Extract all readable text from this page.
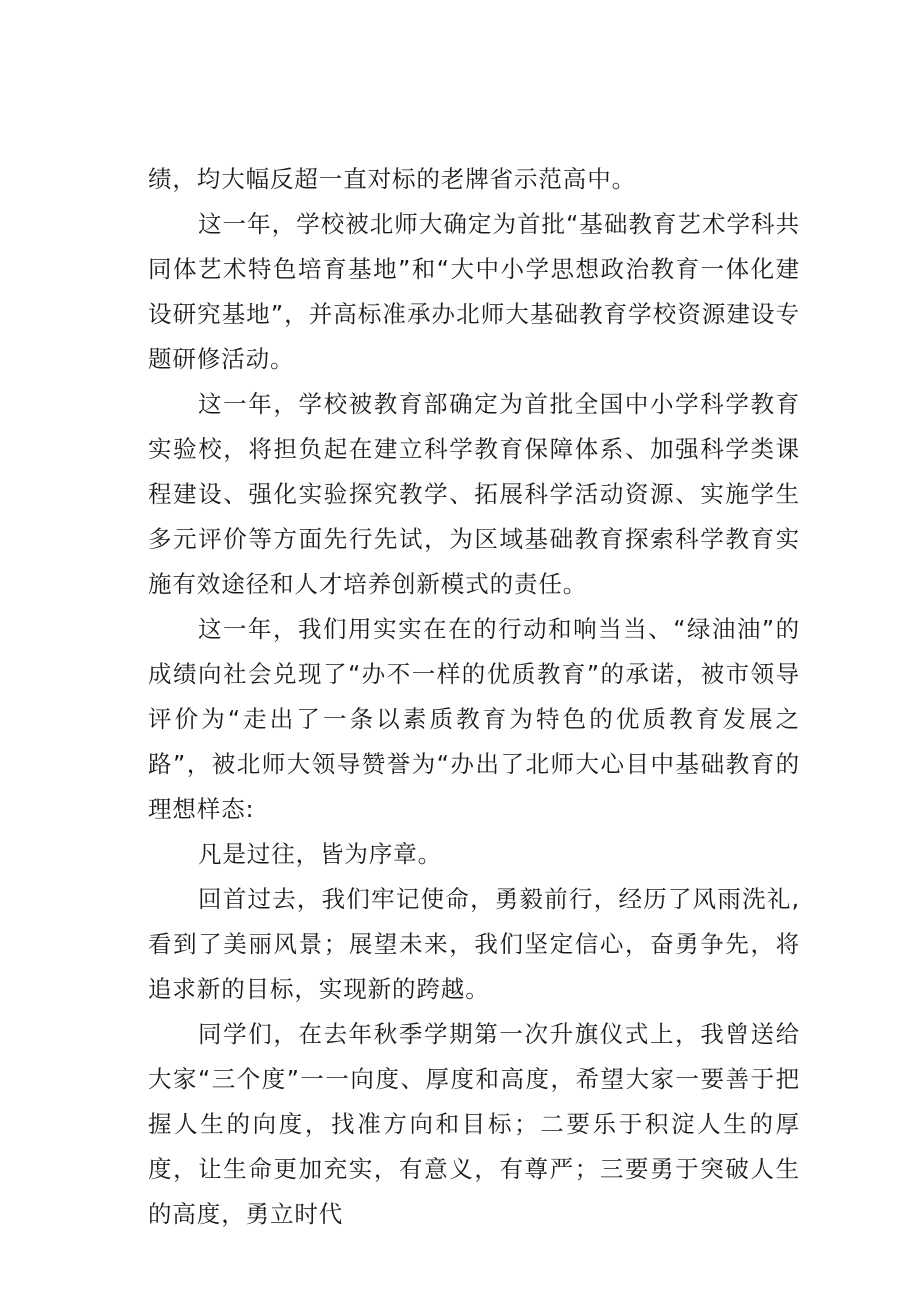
绩，均大幅反超一直对标的老牌省示范高中。

这一年，学校被北师大确定为首批“基础教育艺术学科共同体艺术特色培育基地”和“大中小学思想政治教育一体化建设研究基地”，并高标准承办北师大基础教育学校资源建设专题研修活动。

这一年，学校被教育部确定为首批全国中小学科学教育实验校，将担负起在建立科学教育保障体系、加强科学类课程建设、强化实验探究教学、拓展科学活动资源、实施学生多元评价等方面先行先试，为区域基础教育探索科学教育实施有效途径和人才培养创新模式的责任。

这一年，我们用实实在在的行动和响当当、“绿油油”的成绩向社会兑现了“办不一样的优质教育”的承诺，被市领导评价为“走出了一条以素质教育为特色的优质教育发展之路”，被北师大领导赞誉为“办出了北师大心目中基础教育的理想样态:

凡是过往，皆为序章。

回首过去，我们牢记使命，勇毅前行，经历了风雨洗礼,看到了美丽风景；展望未来，我们坚定信心，奋勇争先，将追求新的目标，实现新的跨越。

同学们，在去年秋季学期第一次升旗仪式上，我曾送给大家“三个度”一一向度、厚度和高度，希望大家一要善于把握人生的向度，找准方向和目标；二要乐于积淀人生的厚度，让生命更加充实，有意义，有尊严；三要勇于突破人生的高度，勇立时代
